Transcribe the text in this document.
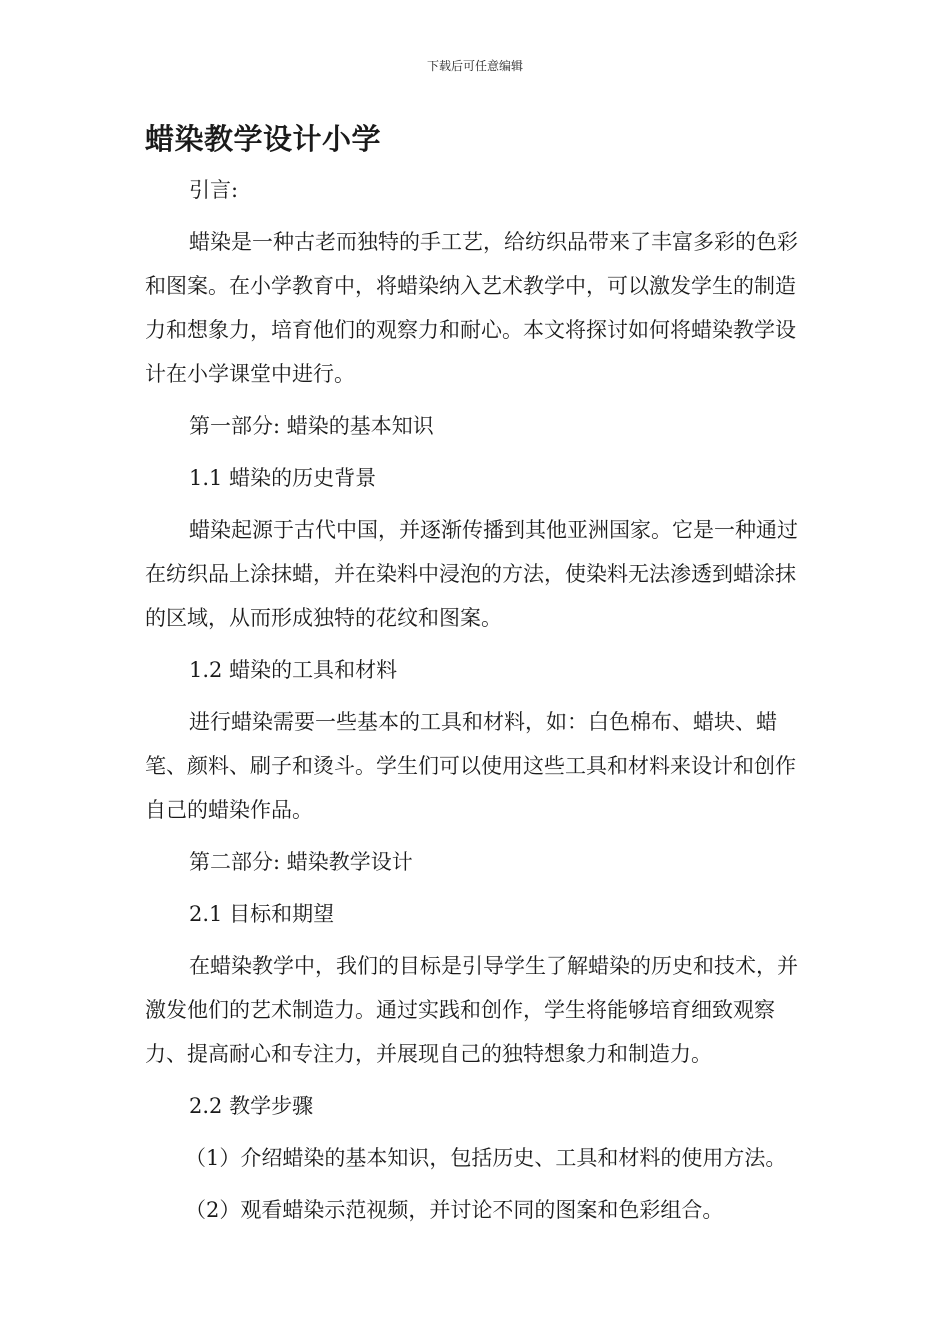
下载后可任意编辑
蜡染教学设计小学

引言:

蜡染是一种古老而独特的手工艺，给纺织品带来了丰富多彩的色彩和图案。在小学教育中，将蜡染纳入艺术教学中，可以激发学生的制造力和想象力，培育他们的观察力和耐心。本文将探讨如何将蜡染教学设计在小学课堂中进行。

第一部分: 蜡染的基本知识

1.1 蜡染的历史背景

蜡染起源于古代中国，并逐渐传播到其他亚洲国家。它是一种通过在纺织品上涂抹蜡，并在染料中浸泡的方法，使染料无法渗透到蜡涂抹的区域，从而形成独特的花纹和图案。

1.2 蜡染的工具和材料

进行蜡染需要一些基本的工具和材料，如：白色棉布、蜡块、蜡笔、颜料、刷子和烫斗。学生们可以使用这些工具和材料来设计和创作自己的蜡染作品。

第二部分: 蜡染教学设计

2.1 目标和期望

在蜡染教学中，我们的目标是引导学生了解蜡染的历史和技术，并激发他们的艺术制造力。通过实践和创作，学生将能够培育细致观察力、提高耐心和专注力，并展现自己的独特想象力和制造力。

2.2 教学步骤

（1）介绍蜡染的基本知识，包括历史、工具和材料的使用方法。

（2）观看蜡染示范视频，并讨论不同的图案和色彩组合。
